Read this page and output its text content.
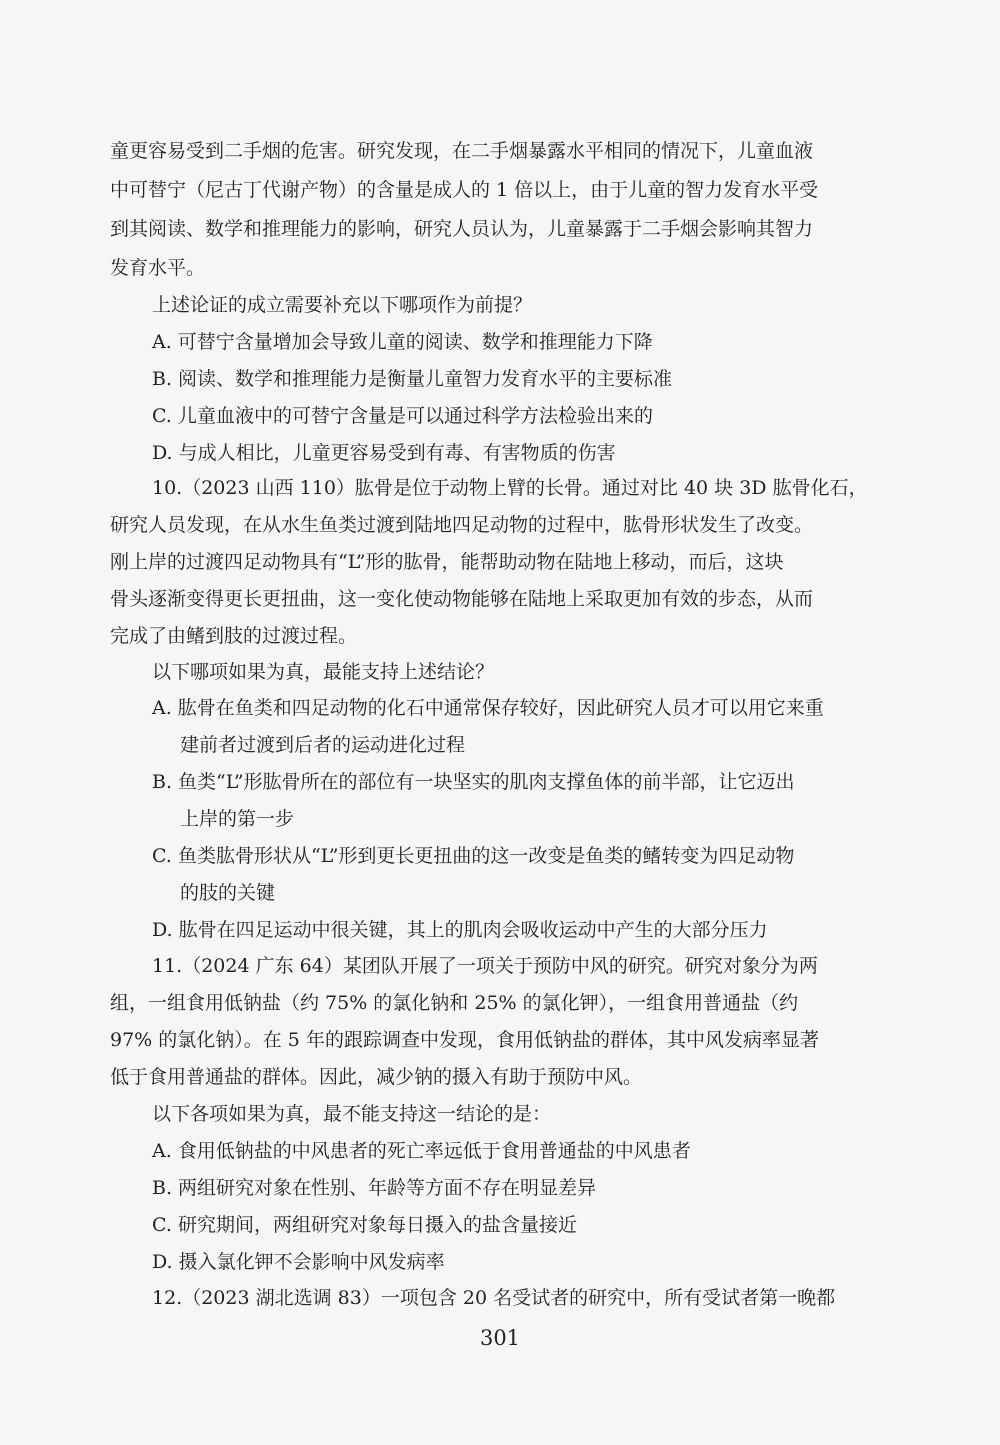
童更容易受到二手烟的危害。研究发现，在二手烟暴露水平相同的情况下，儿童血液

中可替宁（尼古丁代谢产物）的含量是成人的 1 倍以上，由于儿童的智力发育水平受

到其阅读、数学和推理能力的影响，研究人员认为，儿童暴露于二手烟会影响其智力

发育水平。

上述论证的成立需要补充以下哪项作为前提？

A. 可替宁含量增加会导致儿童的阅读、数学和推理能力下降

B. 阅读、数学和推理能力是衡量儿童智力发育水平的主要标准

C. 儿童血液中的可替宁含量是可以通过科学方法检验出来的

D. 与成人相比，儿童更容易受到有毒、有害物质的伤害

10.（2023 山西 110）肱骨是位于动物上臂的长骨。通过对比 40 块 3D 肱骨化石，

研究人员发现，在从水生鱼类过渡到陆地四足动物的过程中，肱骨形状发生了改变。

刚上岸的过渡四足动物具有“L”形的肱骨，能帮助动物在陆地上移动，而后，这块

骨头逐渐变得更长更扭曲，这一变化使动物能够在陆地上采取更加有效的步态，从而

完成了由鳍到肢的过渡过程。

以下哪项如果为真，最能支持上述结论？

A. 肱骨在鱼类和四足动物的化石中通常保存较好，因此研究人员才可以用它来重

建前者过渡到后者的运动进化过程

B. 鱼类“L”形肱骨所在的部位有一块坚实的肌肉支撑鱼体的前半部，让它迈出

上岸的第一步

C. 鱼类肱骨形状从“L”形到更长更扭曲的这一改变是鱼类的鳍转变为四足动物

的肢的关键

D. 肱骨在四足运动中很关键，其上的肌肉会吸收运动中产生的大部分压力

11.（2024 广东 64）某团队开展了一项关于预防中风的研究。研究对象分为两

组，一组食用低钠盐（约 75% 的氯化钠和 25% 的氯化钾），一组食用普通盐（约

97% 的氯化钠）。在 5 年的跟踪调查中发现，食用低钠盐的群体，其中风发病率显著

低于食用普通盐的群体。因此，减少钠的摄入有助于预防中风。

以下各项如果为真，最不能支持这一结论的是：

A. 食用低钠盐的中风患者的死亡率远低于食用普通盐的中风患者

B. 两组研究对象在性别、年龄等方面不存在明显差异

C. 研究期间，两组研究对象每日摄入的盐含量接近

D. 摄入氯化钾不会影响中风发病率

12.（2023 湖北选调 83）一项包含 20 名受试者的研究中，所有受试者第一晚都

301
